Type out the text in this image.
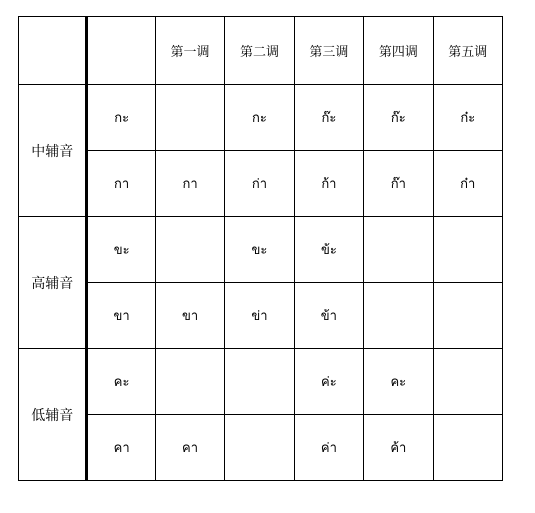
		第一调	第二调	第三调	第四调	第五调
中辅音	กะ		กะ	ก๊ะ	ก๊ะ	ก๋ะ
	กา	กา	ก่า	ก้า	ก๊า	ก๋า
高辅音	ขะ		ขะ	ข้ะ		
	ขา	ขา	ข่า	ข้า		
低辅音	คะ			ค่ะ	คะ	
	คา	คา		ค่า	ค้า	
